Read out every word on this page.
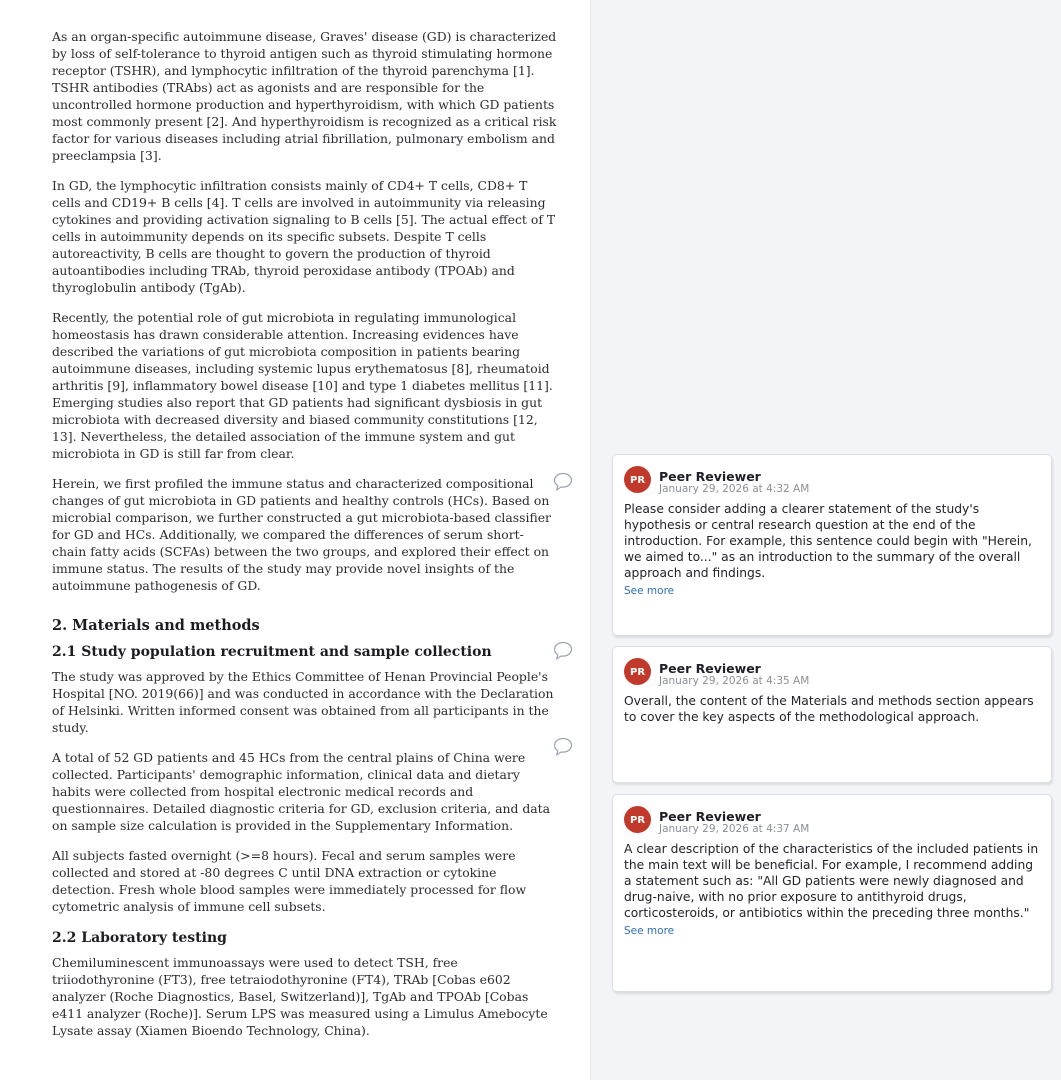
As an organ-specific autoimmune disease, Graves' disease (GD) is characterized by loss of self-tolerance to thyroid antigen such as thyroid stimulating hormone receptor (TSHR), and lymphocytic infiltration of the thyroid parenchyma [1]. TSHR antibodies (TRAbs) act as agonists and are responsible for the uncontrolled hormone production and hyperthyroidism, with which GD patients most commonly present [2]. And hyperthyroidism is recognized as a critical risk factor for various diseases including atrial fibrillation, pulmonary embolism and preeclampsia [3].

In GD, the lymphocytic infiltration consists mainly of CD4+ T cells, CD8+ T cells and CD19+ B cells [4]. T cells are involved in autoimmunity via releasing cytokines and providing activation signaling to B cells [5]. The actual effect of T cells in autoimmunity depends on its specific subsets. Despite T cells autoreactivity, B cells are thought to govern the production of thyroid autoantibodies including TRAb, thyroid peroxidase antibody (TPOAb) and thyroglobulin antibody (TgAb).

Recently, the potential role of gut microbiota in regulating immunological homeostasis has drawn considerable attention. Increasing evidences have described the variations of gut microbiota composition in patients bearing autoimmune diseases, including systemic lupus erythematosus [8], rheumatoid arthritis [9], inflammatory bowel disease [10] and type 1 diabetes mellitus [11]. Emerging studies also report that GD patients had significant dysbiosis in gut microbiota with decreased diversity and biased community constitutions [12, 13]. Nevertheless, the detailed association of the immune system and gut microbiota in GD is still far from clear.

Herein, we first profiled the immune status and characterized compositional changes of gut microbiota in GD patients and healthy controls (HCs). Based on microbial comparison, we further constructed a gut microbiota-based classifier for GD and HCs. Additionally, we compared the differences of serum short-chain fatty acids (SCFAs) between the two groups, and explored their effect on immune status. The results of the study may provide novel insights of the autoimmune pathogenesis of GD.

2. Materials and methods
2.1 Study population recruitment and sample collection

The study was approved by the Ethics Committee of Henan Provincial People's Hospital [NO. 2019(66)] and was conducted in accordance with the Declaration of Helsinki. Written informed consent was obtained from all participants in the study.

A total of 52 GD patients and 45 HCs from the central plains of China were collected. Participants' demographic information, clinical data and dietary habits were collected from hospital electronic medical records and questionnaires. Detailed diagnostic criteria for GD, exclusion criteria, and data on sample size calculation is provided in the Supplementary Information.

All subjects fasted overnight (>=8 hours). Fecal and serum samples were collected and stored at -80 degrees C until DNA extraction or cytokine detection. Fresh whole blood samples were immediately processed for flow cytometric analysis of immune cell subsets.

2.2 Laboratory testing

Chemiluminescent immunoassays were used to detect TSH, free triiodothyronine (FT3), free tetraiodothyronine (FT4), TRAb [Cobas e602 analyzer (Roche Diagnostics, Basel, Switzerland)], TgAb and TPOAb [Cobas e411 analyzer (Roche)]. Serum LPS was measured using a Limulus Amebocyte Lysate assay (Xiamen Bioendo Technology, China).

PR	Peer Reviewer
January 29, 2026 at 4:32 AM
Please consider adding a clearer statement of the study's hypothesis or central research question at the end of the introduction. For example, this sentence could begin with "Herein, we aimed to..." as an introduction to the summary of the overall approach and findings.
See more
PR	Peer Reviewer
January 29, 2026 at 4:35 AM
Overall, the content of the Materials and methods section appears to cover the key aspects of the methodological approach.
PR	Peer Reviewer
January 29, 2026 at 4:37 AM
A clear description of the characteristics of the included patients in the main text will be beneficial. For example, I recommend adding a statement such as: "All GD patients were newly diagnosed and drug-naive, with no prior exposure to antithyroid drugs, corticosteroids, or antibiotics within the preceding three months."
See more
